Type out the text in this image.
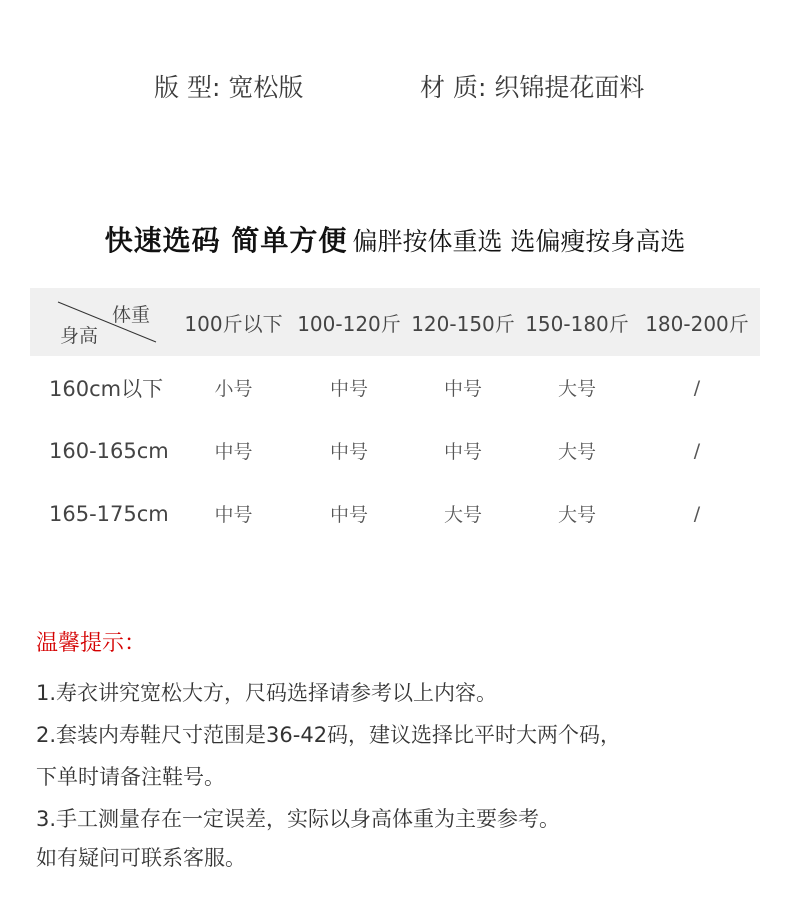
版 型: 宽松版	材 质: 织锦提花面料
快速选码 简单方便 偏胖按体重选 选偏瘦按身高选
体重
身高	100斤以下	100-120斤	120-150斤	150-180斤	180-200斤
160cm以下	小号	中号	中号	大号	/
160-165cm	中号	中号	中号	大号	/
165-175cm	中号	中号	大号	大号	/
温馨提示：
1.寿衣讲究宽松大方，尺码选择请参考以上内容。
2.套装内寿鞋尺寸范围是36-42码，建议选择比平时大两个码，
下单时请备注鞋号。
3.手工测量存在一定误差，实际以身高体重为主要参考。
如有疑问可联系客服。
